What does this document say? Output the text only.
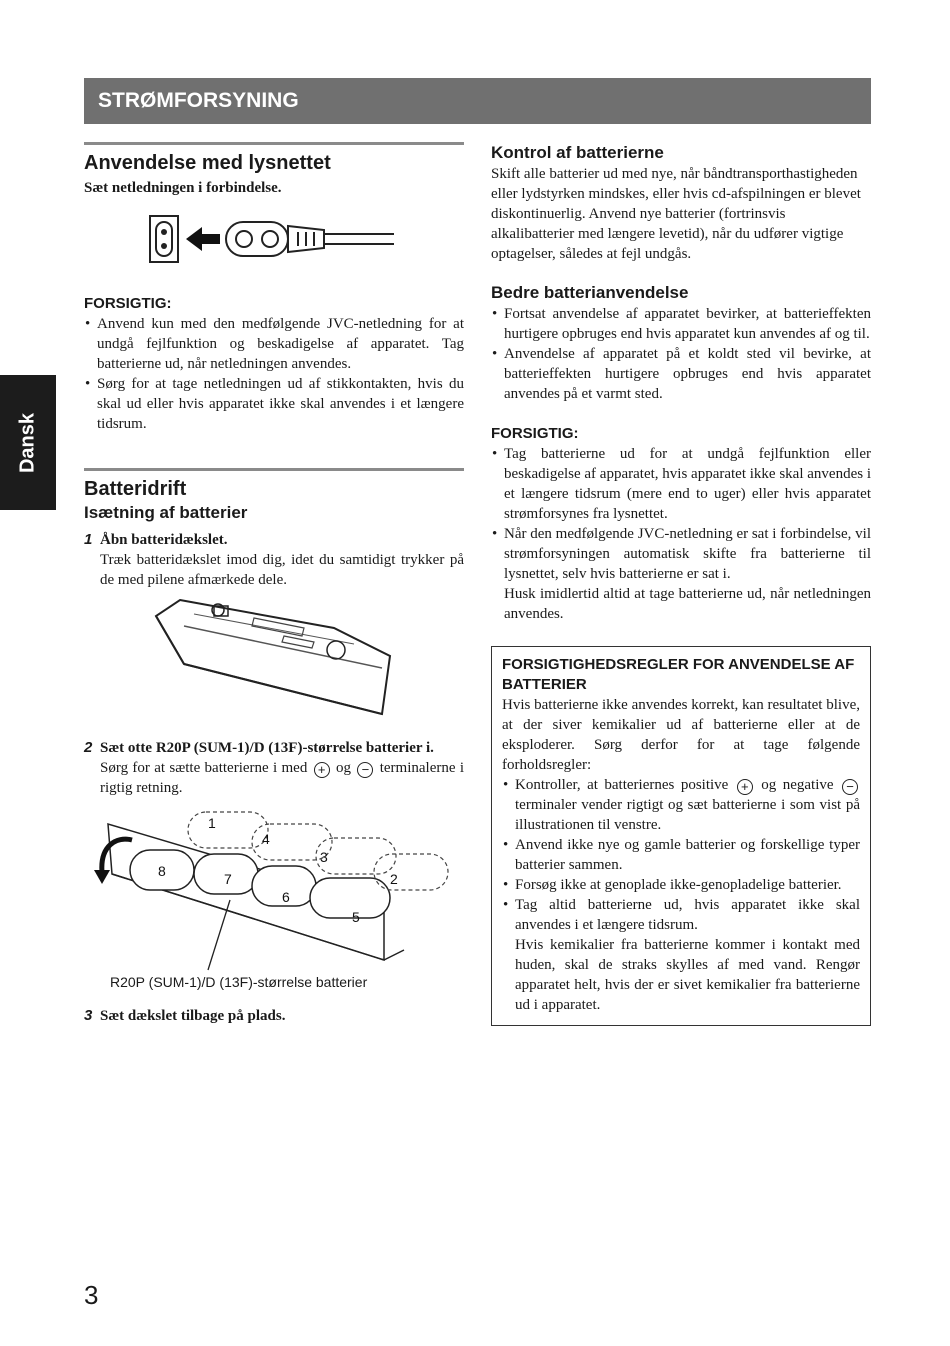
STRØMFORSYNING
Dansk
Anvendelse med lysnettet

Sæt netledningen i forbindelse.

FORSIGTIG:
• Anvend kun med den medfølgende JVC-netledning for at undgå fejlfunktion og beskadigelse af apparatet. Tag batterierne ud, når netledningen anvendes.
• Sørg for at tage netledningen ud af stikkontakten, hvis du skal ud eller hvis apparatet ikke skal anvendes i et længere tidsrum.
Batteridrift
Isætning af batterier
1 Åbn batteridækslet.

Træk batteridækslet imod dig, idet du samtidigt trykker på de med pilene afmærkede dele.

2 Sæt otte R20P (SUM-1)/D (13F)-størrelse batterier i.

Sørg for at sætte batterierne i med + og − terminalerne i rigtig retning.

1
2
3
4
5
6
7
8
R20P (SUM-1)/D (13F)-størrelse batterier
3 Sæt dækslet tilbage på plads.
Kontrol af batterierne

Skift alle batterier ud med nye, når båndtransporthastigheden eller lydstyrken mindskes, eller hvis cd-afspilningen er blevet diskontinuerlig. Anvend nye batterier (fortrinsvis alkalibatterier med længere levetid), når du udfører vigtige optagelser, således at fejl undgås.

Bedre batterianvendelse
• Fortsat anvendelse af apparatet bevirker, at batterieffekten hurtigere opbruges end hvis apparatet kun anvendes af og til.
• Anvendelse af apparatet på et koldt sted vil bevirke, at batterieffekten hurtigere opbruges end hvis apparatet anvendes på et varmt sted.
FORSIGTIG:
• Tag batterierne ud for at undgå fejlfunktion eller beskadigelse af apparatet, hvis apparatet ikke skal anvendes i et længere tidsrum (mere end to uger) eller hvis apparatet strømforsynes fra lysnettet.
• Når den medfølgende JVC-netledning er sat i forbindelse, vil strømforsyningen automatisk skifte fra batterierne til lysnettet, selv hvis batterierne er sat i.
Husk imidlertid altid at tage batterierne ud, når netledningen anvendes.
FORSIGTIGHEDSREGLER FOR ANVENDELSE AF BATTERIER

Hvis batterierne ikke anvendes korrekt, kan resultatet blive, at der siver kemikalier ud af batterierne eller at de eksploderer. Sørg derfor for at tage følgende forholdsregler:

• Kontroller, at batteriernes positive + og negative − terminaler vender rigtigt og sæt batterierne i som vist på illustrationen til venstre.
• Anvend ikke nye og gamle batterier og forskellige typer batterier sammen.
• Forsøg ikke at genoplade ikke-genopladelige batterier.
• Tag altid batterierne ud, hvis apparatet ikke skal anvendes i et længere tidsrum.
Hvis kemikalier fra batterierne kommer i kontakt med huden, skal de straks skylles af med vand. Rengør apparatet helt, hvis der er sivet kemikalier fra batterierne ud i apparatet.
3
